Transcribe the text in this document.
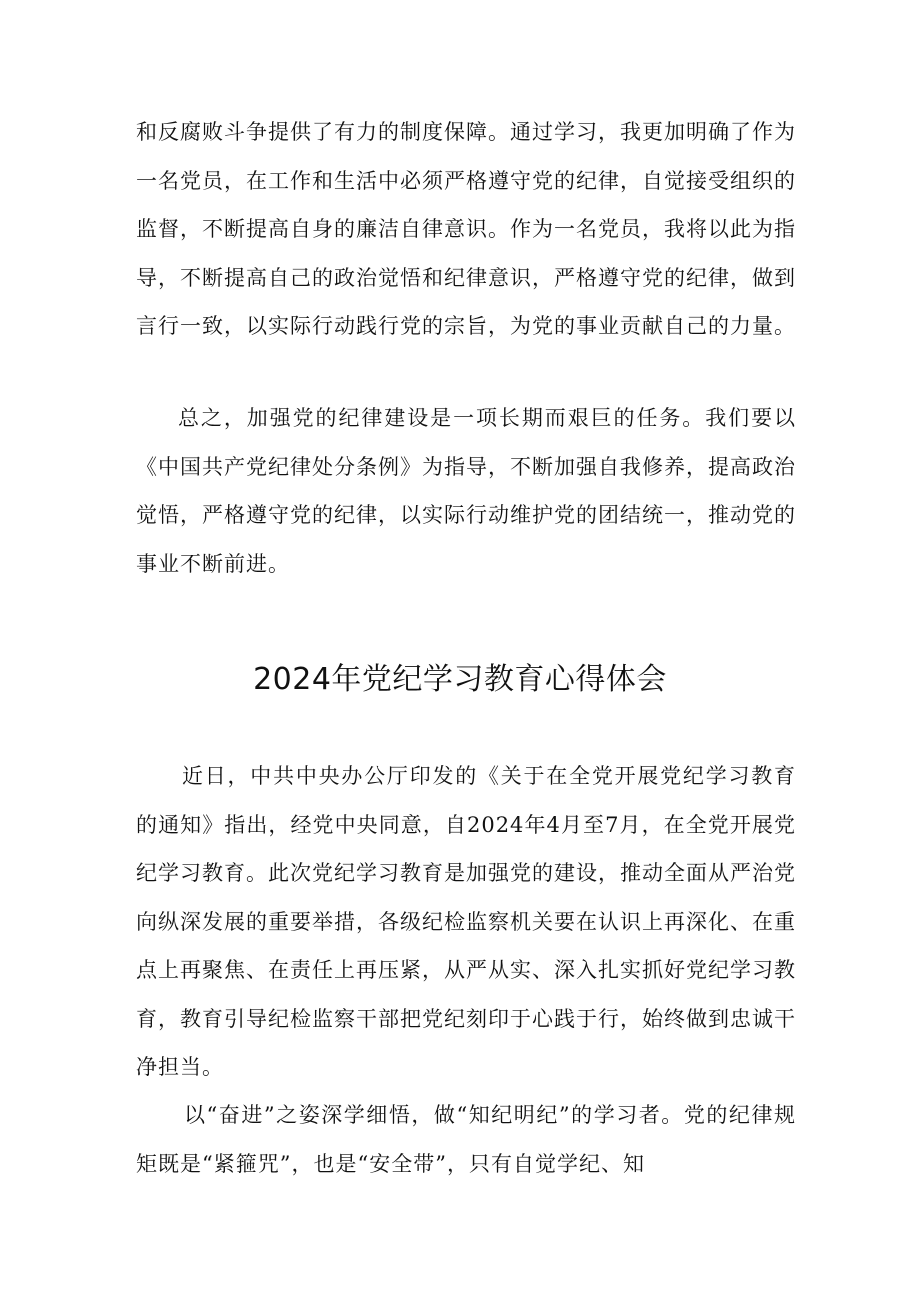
和反腐败斗争提供了有力的制度保障。通过学习，我更加明确了作为一名党员，在工作和生活中必须严格遵守党的纪律，自觉接受组织的监督，不断提高自身的廉洁自律意识。作为一名党员，我将以此为指导，不断提高自己的政治觉悟和纪律意识，严格遵守党的纪律，做到言行一致，以实际行动践行党的宗旨，为党的事业贡献自己的力量。

总之，加强党的纪律建设是一项长期而艰巨的任务。我们要以《中国共产党纪律处分条例》为指导，不断加强自我修养，提高政治觉悟，严格遵守党的纪律，以实际行动维护党的团结统一，推动党的事业不断前进。

2024年党纪学习教育心得体会

近日，中共中央办公厅印发的《关于在全党开展党纪学习教育的通知》指出，经党中央同意，自2024年4月至7月，在全党开展党纪学习教育。此次党纪学习教育是加强党的建设，推动全面从严治党向纵深发展的重要举措，各级纪检监察机关要在认识上再深化、在重点上再聚焦、在责任上再压紧，从严从实、深入扎实抓好党纪学习教育，教育引导纪检监察干部把党纪刻印于心践于行，始终做到忠诚干净担当。

以“奋进”之姿深学细悟，做“知纪明纪”的学习者。党的纪律规矩既是“紧箍咒”，也是“安全带”，只有自觉学纪、知
